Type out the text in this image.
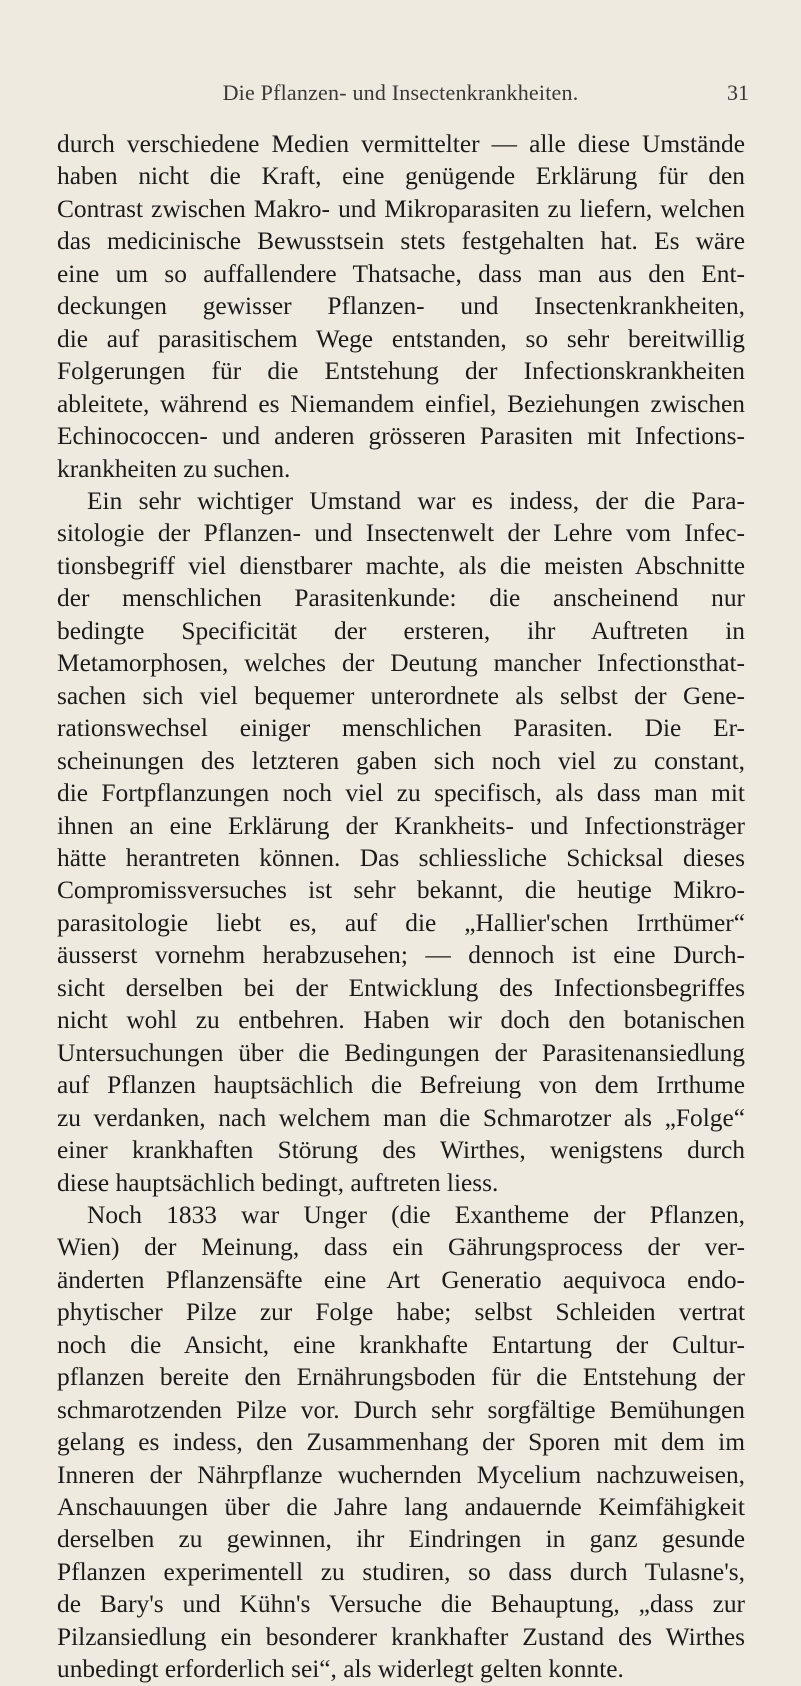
Die Pflanzen- und Insectenkrankheiten.	31
durch verschiedene Medien vermittelter — alle diese Umstände
haben nicht die Kraft, eine genügende Erklärung für den
Contrast zwischen Makro- und Mikroparasiten zu liefern, welchen
das medicinische Bewusstsein stets festgehalten hat. Es wäre
eine um so auffallendere Thatsache, dass man aus den Ent-
deckungen gewisser Pflanzen- und Insectenkrankheiten,
die auf parasitischem Wege entstanden, so sehr bereitwillig
Folgerungen für die Entstehung der Infectionskrankheiten
ableitete, während es Niemandem einfiel, Beziehungen zwischen
Echinococcen- und anderen grösseren Parasiten mit Infections-
krankheiten zu suchen.
Ein sehr wichtiger Umstand war es indess, der die Para-
sitologie der Pflanzen- und Insectenwelt der Lehre vom Infec-
tionsbegriff viel dienstbarer machte, als die meisten Abschnitte
der menschlichen Parasitenkunde: die anscheinend nur
bedingte Specificität der ersteren, ihr Auftreten in
Metamorphosen, welches der Deutung mancher Infectionsthat-
sachen sich viel bequemer unterordnete als selbst der Gene-
rationswechsel einiger menschlichen Parasiten. Die Er-
scheinungen des letzteren gaben sich noch viel zu constant,
die Fortpflanzungen noch viel zu specifisch, als dass man mit
ihnen an eine Erklärung der Krankheits- und Infectionsträger
hätte herantreten können. Das schliessliche Schicksal dieses
Compromissversuches ist sehr bekannt, die heutige Mikro-
parasitologie liebt es, auf die „Hallier'schen Irrthümer“
äusserst vornehm herabzusehen; — dennoch ist eine Durch-
sicht derselben bei der Entwicklung des Infectionsbegriffes
nicht wohl zu entbehren. Haben wir doch den botanischen
Untersuchungen über die Bedingungen der Parasitenansiedlung
auf Pflanzen hauptsächlich die Befreiung von dem Irrthume
zu verdanken, nach welchem man die Schmarotzer als „Folge“
einer krankhaften Störung des Wirthes, wenigstens durch
diese hauptsächlich bedingt, auftreten liess.
Noch 1833 war Unger (die Exantheme der Pflanzen,
Wien) der Meinung, dass ein Gährungsprocess der ver-
änderten Pflanzensäfte eine Art Generatio aequivoca endo-
phytischer Pilze zur Folge habe; selbst Schleiden vertrat
noch die Ansicht, eine krankhafte Entartung der Cultur-
pflanzen bereite den Ernährungsboden für die Entstehung der
schmarotzenden Pilze vor. Durch sehr sorgfältige Bemühungen
gelang es indess, den Zusammenhang der Sporen mit dem im
Inneren der Nährpflanze wuchernden Mycelium nachzuweisen,
Anschauungen über die Jahre lang andauernde Keimfähigkeit
derselben zu gewinnen, ihr Eindringen in ganz gesunde
Pflanzen experimentell zu studiren, so dass durch Tulasne's,
de Bary's und Kühn's Versuche die Behauptung, „dass zur
Pilzansiedlung ein besonderer krankhafter Zustand des Wirthes
unbedingt erforderlich sei“, als widerlegt gelten konnte.
